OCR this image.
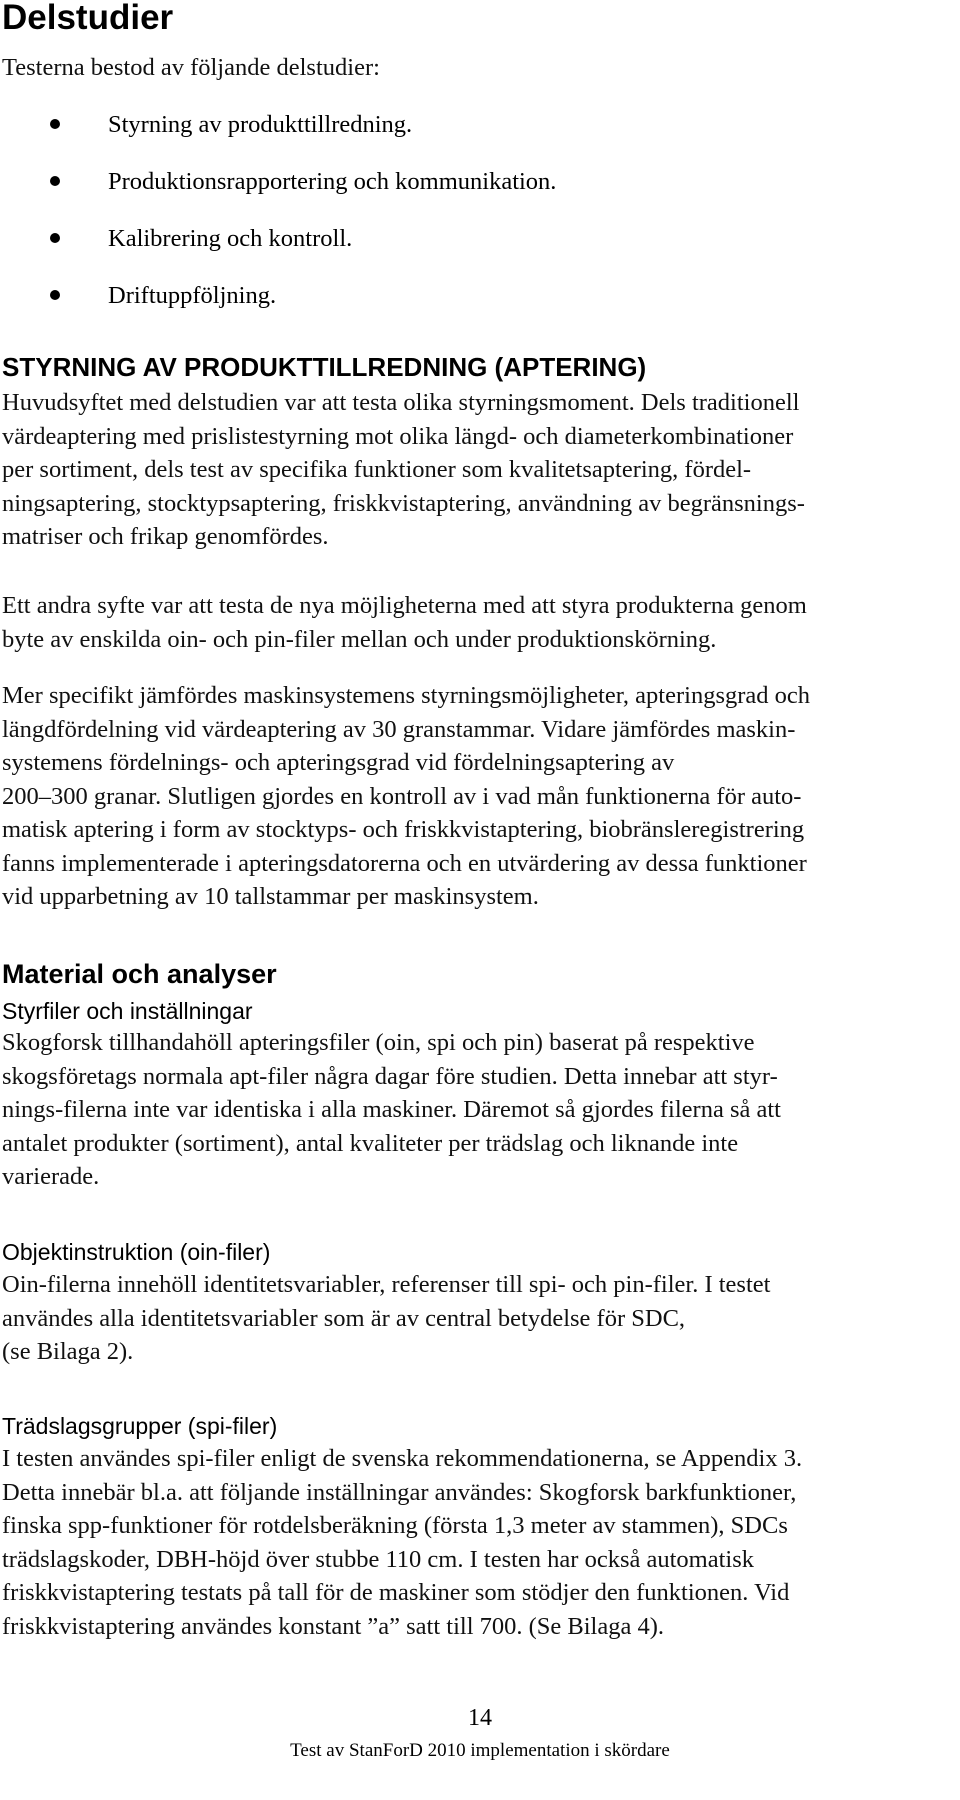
Delstudier

Testerna bestod av följande delstudier:

Styrning av produkttillredning.
Produktionsrapportering och kommunikation.
Kalibrering och kontroll.
Driftuppföljning.
STYRNING AV PRODUKTTILLREDNING (APTERING)

Huvudsyftet med delstudien var att testa olika styrningsmoment. Dels traditionell
värdeaptering med prislistestyrning mot olika längd- och diameterkombinationer
per sortiment, dels test av specifika funktioner som kvalitetsaptering, fördel-
ningsaptering, stocktypsaptering, friskkvistaptering, användning av begränsnings-
matriser och frikap genomfördes.

Ett andra syfte var att testa de nya möjligheterna med att styra produkterna genom
byte av enskilda oin- och pin-filer mellan och under produktionskörning.

Mer specifikt jämfördes maskinsystemens styrningsmöjligheter, apteringsgrad och
längdfördelning vid värdeaptering av 30 granstammar. Vidare jämfördes maskin-
systemens fördelnings- och apteringsgrad vid fördelningsaptering av
200–300 granar. Slutligen gjordes en kontroll av i vad mån funktionerna för auto-
matisk aptering i form av stocktyps- och friskkvistaptering, biobränsleregistrering
fanns implementerade i apteringsdatorerna och en utvärdering av dessa funktioner
vid upparbetning av 10 tallstammar per maskinsystem.

Material och analyser
Styrfiler och inställningar

Skogforsk tillhandahöll apteringsfiler (oin, spi och pin) baserat på respektive
skogsföretags normala apt-filer några dagar före studien. Detta innebar att styr-
nings-filerna inte var identiska i alla maskiner. Däremot så gjordes filerna så att
antalet produkter (sortiment), antal kvaliteter per trädslag och liknande inte
varierade.

Objektinstruktion (oin-filer)

Oin-filerna innehöll identitetsvariabler, referenser till spi- och pin-filer. I testet
användes alla identitetsvariabler som är av central betydelse för SDC,
(se Bilaga 2).

Trädslagsgrupper (spi-filer)

I testen användes spi-filer enligt de svenska rekommendationerna, se Appendix 3.
Detta innebär bl.a. att följande inställningar användes: Skogforsk barkfunktioner,
finska spp-funktioner för rotdelsberäkning (första 1,3 meter av stammen), SDCs
trädslagskoder, DBH-höjd över stubbe 110 cm. I testen har också automatisk
friskkvistaptering testats på tall för de maskiner som stödjer den funktionen. Vid
friskkvistaptering användes konstant ”a” satt till 700. (Se Bilaga 4).

14

Test av StanForD 2010 implementation i skördare
